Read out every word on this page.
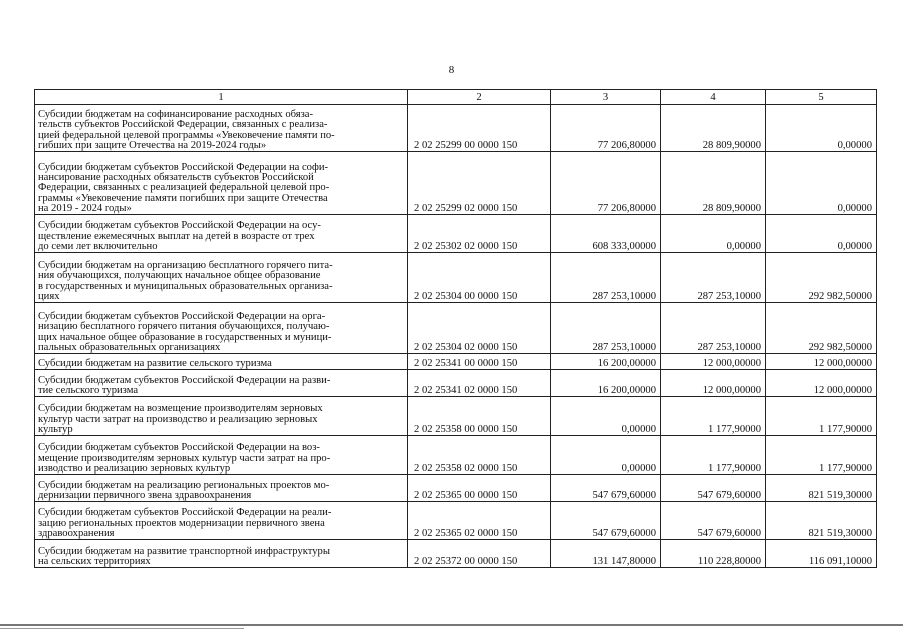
8
1	2	3	4	5
Субсидии бюджетам на софинансирование расходных обяза-
тельств субъектов Российской Федерации, связанных с реализа-
цией федеральной целевой программы «Увековечение памяти по-
гибших при защите Отечества на 2019-2024 годы»	2 02 25299 00 0000 150	77 206,80000	28 809,90000	0,00000
Субсидии бюджетам субъектов Российской Федерации на софи-
нансирование расходных обязательств субъектов Российской
Федерации, связанных с реализацией федеральной целевой про-
граммы «Увековечение памяти погибших при защите Отечества
на 2019 - 2024 годы»	2 02 25299 02 0000 150	77 206,80000	28 809,90000	0,00000
Субсидии бюджетам субъектов Российской Федерации на осу-
ществление ежемесячных выплат на детей в возрасте от трех
до семи лет включительно	2 02 25302 02 0000 150	608 333,00000	0,00000	0,00000
Субсидии бюджетам на организацию бесплатного горячего пита-
ния обучающихся, получающих начальное общее образование
в государственных и муниципальных образовательных организа-
циях	2 02 25304 00 0000 150	287 253,10000	287 253,10000	292 982,50000
Субсидии бюджетам субъектов Российской Федерации на орга-
низацию бесплатного горячего питания обучающихся, получаю-
щих начальное общее образование в государственных и муници-
пальных образовательных организациях	2 02 25304 02 0000 150	287 253,10000	287 253,10000	292 982,50000
Субсидии бюджетам на развитие сельского туризма	2 02 25341 00 0000 150	16 200,00000	12 000,00000	12 000,00000
Субсидии бюджетам субъектов Российской Федерации на разви-
тие сельского туризма	2 02 25341 02 0000 150	16 200,00000	12 000,00000	12 000,00000
Субсидии бюджетам на возмещение производителям зерновых
культур части затрат на производство и реализацию зерновых
культур	2 02 25358 00 0000 150	0,00000	1 177,90000	1 177,90000
Субсидии бюджетам субъектов Российской Федерации на воз-
мещение производителям зерновых культур части затрат на про-
изводство и реализацию зерновых культур	2 02 25358 02 0000 150	0,00000	1 177,90000	1 177,90000
Субсидии бюджетам на реализацию региональных проектов мо-
дернизации первичного звена здравоохранения	2 02 25365 00 0000 150	547 679,60000	547 679,60000	821 519,30000
Субсидии бюджетам субъектов Российской Федерации на реали-
зацию региональных проектов модернизации первичного звена
здравоохранения	2 02 25365 02 0000 150	547 679,60000	547 679,60000	821 519,30000
Субсидии бюджетам на развитие транспортной инфраструктуры
на сельских территориях	2 02 25372 00 0000 150	131 147,80000	110 228,80000	116 091,10000
